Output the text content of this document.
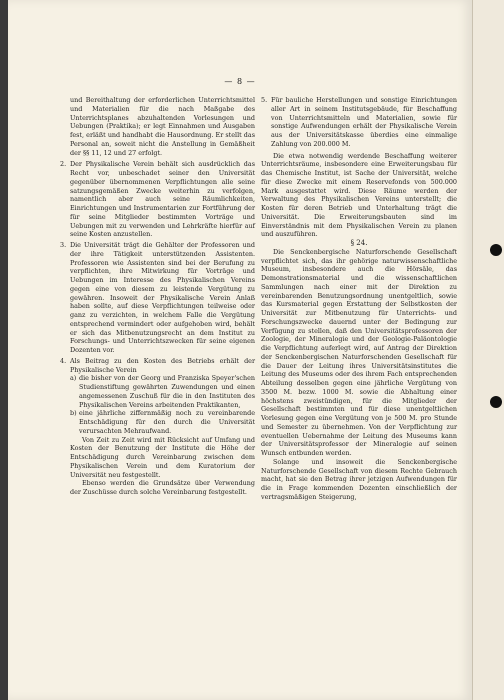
— 8 —

und Bereithaltung der erforderlichen Unterrichtsmittel und Materialien für die nach Maßgabe des Unterrichtsplanes abzuhaltenden Vorlesungen und Uebungen (Praktika); er legt Einnahmen und Ausgaben fest, erläßt und handhabt die Hausordnung. Er stellt das Personal an, soweit nicht die Anstellung in Gemäßheit der §§ 11, 12 und 27 erfolgt.

2. Der Physikalische Verein behält sich ausdrücklich das Recht vor, unbeschadet seiner den Universität gegenüber übernommenen Verpflichtungen alle seine satzungsgemäßen Zwecke weiterhin zu verfolgen, namentlich aber auch seine Räumlichkeiten, Einrichtungen und Instrumentarien zur Fortführung der für seine Mitglieder bestimmten Vorträge und Uebungen mit zu verwenden und Lehrkräfte hierfür auf seine Kosten anzustellen.
3. Die Universität trägt die Gehälter der Professoren und der ihre Tätigkeit unterstützenden Assistenten. Professoren wie Assistenten sind bei der Berufung zu verpflichten, ihre Mitwirkung für Vorträge und Uebungen im Interesse des Physikalischen Vereins gegen eine von diesem zu leistende Vergütung zu gewähren. Insoweit der Physikalische Verein Anlaß haben sollte, auf diese Verpflichtungen teilweise oder ganz zu verzichten, in welchem Falle die Vergütung entsprechend vermindert oder aufgehoben wird, behält er sich das Mitbenutzungsrecht an dem Institut zu Forschungs- und Unterrichtszwecken für seine eigenen Dozenten vor.
4. Als Beitrag zu den Kosten des Betriebs erhält der Physikalische Verein

a) die bisher von der Georg und Franziska Speyer'schen Studienstiftung gewährten Zuwendungen und einen angemessenen Zuschuß für die in den Instituten des Physikalischen Vereins arbeitenden Praktikanten,
b) eine jährliche ziffernmäßig noch zu vereinbarende Entschädigung für den durch die Universität verursachten Mehraufwand.

Von Zeit zu Zeit wird mit Rücksicht auf Umfang und Kosten der Benutzung der Institute die Höhe der Entschädigung durch Vereinbarung zwischen dem Physikalischen Verein und dem Kuratorium der Universität neu festgestellt.

Ebenso werden die Grundsätze über Verwendung der Zuschüsse durch solche Vereinbarung festgestellt.

5. Für bauliche Herstellungen und sonstige Einrichtungen aller Art in seinem Institutsgebäude, für Beschaffung von Unterrichtsmitteln und Materialien, sowie für sonstige Aufwendungen erhält der Physikalische Verein aus der Universitätskasse überdies eine einmalige Zahlung von 200.000 M.

Die etwa notwendig werdende Beschaffung weiterer Unterrichtsräume, insbesondere eine Erweiterungsbau für das Chemische Institut, ist Sache der Universität, welche für diese Zwecke mit einem Reservefonds von 500.000 Mark ausgestattet wird. Diese Räume werden der Verwaltung des Physikalischen Vereins unterstellt; die Kosten für deren Betrieb und Unterhaltung trägt die Universität. Die Erweiterungsbauten sind im Einverständnis mit dem Physikalischen Verein zu planen und auszuführen.

§ 24.

Die Senckenbergische Naturforschende Gesellschaft verpflichtet sich, das ihr gehörige naturwissenschaftliche Museum, insbesondere auch die Hörsäle, das Demonstrationsmaterial und die wissenschaftlichen Sammlungen nach einer mit der Direktion zu vereinbarenden Benutzungsordnung unentgeltlich, sowie das Kursmaterial gegen Erstattung der Selbstkosten der Universität zur Mitbenutzung für Unterrichts- und Forschungszwecke dauernd unter der Bedingung zur Verfügung zu stellen, daß den Universitätsprofessoren der Zoologie, der Mineralogie und der Geologie-Paläontologie die Verpflichtung auferlegt wird, auf Antrag der Direktion der Senckenbergischen Naturforschenden Gesellschaft für die Dauer der Leitung ihres Universitätsinstitutes die Leitung des Museums oder des ihrem Fach entsprechenden Abteilung desselben gegen eine jährliche Vergütung von 3500 M. bezw. 1000 M. sowie die Abhaltung einer höchstens zweistündigen, für die Mitglieder der Gesellschaft bestimmten und für diese unentgeltlichen Vorlesung gegen eine Vergütung von je 500 M. pro Stunde und Semester zu übernehmen. Von der Verpflichtung zur eventuellen Uebernahme der Leitung des Museums kann der Universitätsprofessor der Mineralogie auf seinen Wunsch entbunden werden.

Solange und insoweit die Senckenbergische Naturforschende Gesellschaft von diesem Rechte Gebrauch macht, hat sie den Betrag ihrer jetzigen Aufwendungen für die in Frage kommenden Dozenten einschließlich der vertragsmäßigen Steigerung,
